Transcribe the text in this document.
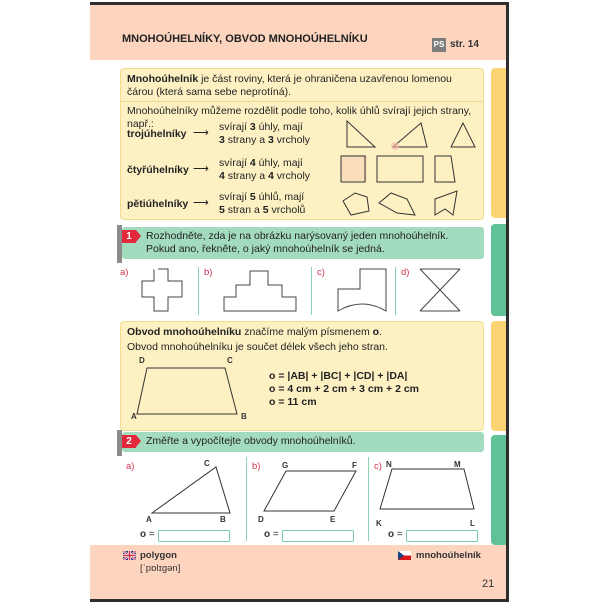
MNOHOÚHELNÍKY, OBVOD MNOHOÚHELNÍKU	PS str. 14

Mnohoúhelník je část roviny, která je ohraničena uzavřenou lomenou čárou (která sama sebe neprotíná).

Mnohoúhelníky můžeme rozdělit podle toho, kolik úhlů svírají jejich strany, např.:

trojúhelníky ⟶ svírají 3 úhly, mají
3 strany a 3 vrcholy
čtyřúhelníky ⟶ svírají 4 úhly, mají
4 strany a 4 vrcholy
pětiúhelníky ⟶ svírají 5 úhlů, mají
5 stran a 5 vrcholů
1	Rozhodněte, zda je na obrázku narýsovaný jeden mnohoúhelník. Pokud ano, řekněte, o jaký mnohoúhelník se jedná.
a)	b)	c)	d)
Obvod mnohoúhelníku značíme malým písmenem o.
Obvod mnohoúhelníku je součet délek všech jeho stran.
D	C
A	B
o = |AB| + |BC| + |CD| + |DA|
o = 4 cm + 2 cm + 3 cm + 2 cm
o = 11 cm
2	Změřte a vypočítejte obvody mnohoúhelníků.
a)	C
A	B
o =
b)	G	F
D	E
o =
c) N	M
K	L
o =
polygon
[ˈpɒlɪɡən]
mnohoúhelník
21
